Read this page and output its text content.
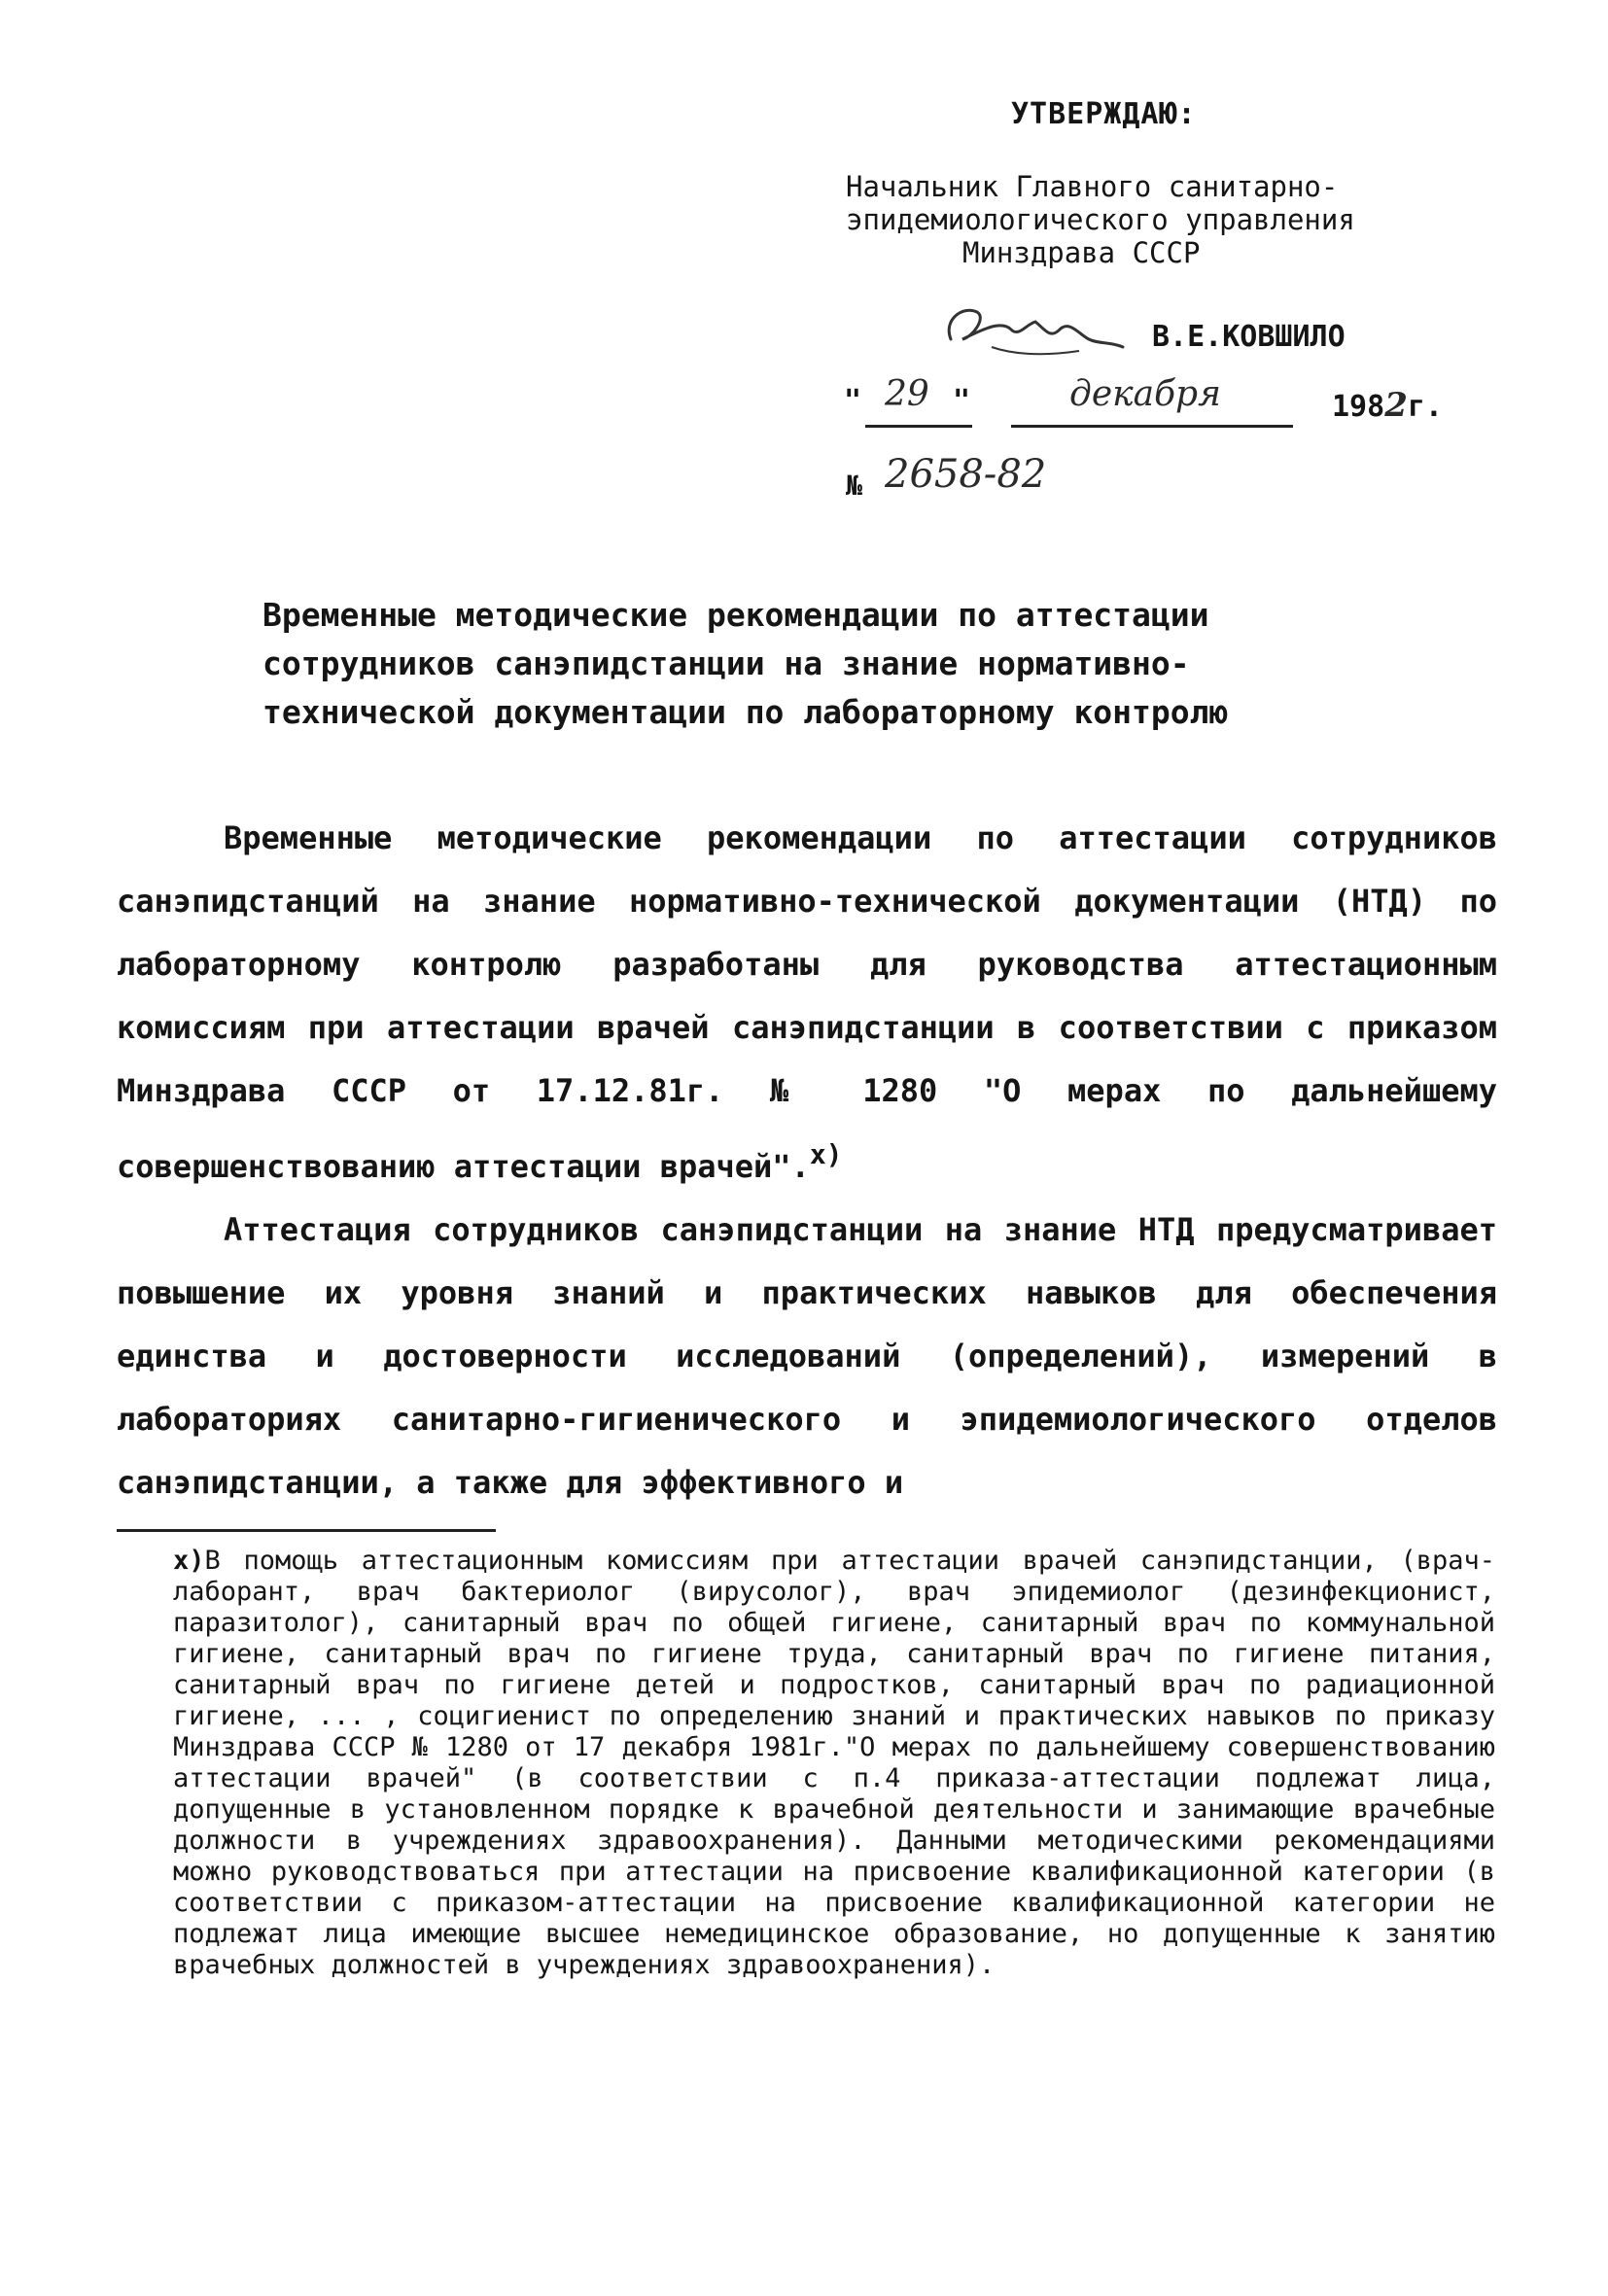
УТВЕРЖДАЮ:
Начальник Главного санитарно-
эпидемиологического управления
Минздрава СССР
В.Е.КОВШИЛО
" 29 "	декабря	1982г.
№ 2658-82
Временные методические рекомендации по аттестации
сотрудников санэпидстанции на знание нормативно-
технической документации по лабораторному контролю

Временные методические рекомендации по аттестации сотрудников санэпидстанций на знание нормативно-технической документации (НТД) по лабораторному контролю разработаны для руководства аттестационным комиссиям при аттестации врачей санэпидстанции в соответствии с приказом Минздрава СССР от 17.12.81г. № 1280 "О мерах по дальнейшему совершенствованию аттестации врачей".х)

Аттестация сотрудников санэпидстанции на знание НТД предусматривает повышение их уровня знаний и практических навыков для обеспечения единства и достоверности исследований (определений), измерений в лабораториях санитарно-гигиенического и эпидемиологического отделов санэпидстанции, а также для эффективного и

х)В помощь аттестационным комиссиям при аттестации врачей санэпидстанции, (врач-лаборант, врач бактериолог (вирусолог), врач эпидемиолог (дезинфекционист, паразитолог), санитарный врач по общей гигиене, санитарный врач по коммунальной гигиене, санитарный врач по гигиене труда, санитарный врач по гигиене питания, санитарный врач по гигиене детей и подростков, санитарный врач по радиационной гигиене, ... , социгиенист по определению знаний и практических навыков по приказу Минздрава СССР № 1280 от 17 декабря 1981г."О мерах по дальнейшему совершенствованию аттестации врачей" (в соответствии с п.4 приказа-аттестации подлежат лица, допущенные в установленном порядке к врачебной деятельности и занимающие врачебные должности в учреждениях здравоохранения). Данными методическими рекомендациями можно руководствоваться при аттестации на присвоение квалификационной категории (в соответствии с приказом-аттестации на присвоение квалификационной категории не подлежат лица имеющие высшее немедицинское образование, но допущенные к занятию врачебных должностей в учреждениях здравоохранения).
